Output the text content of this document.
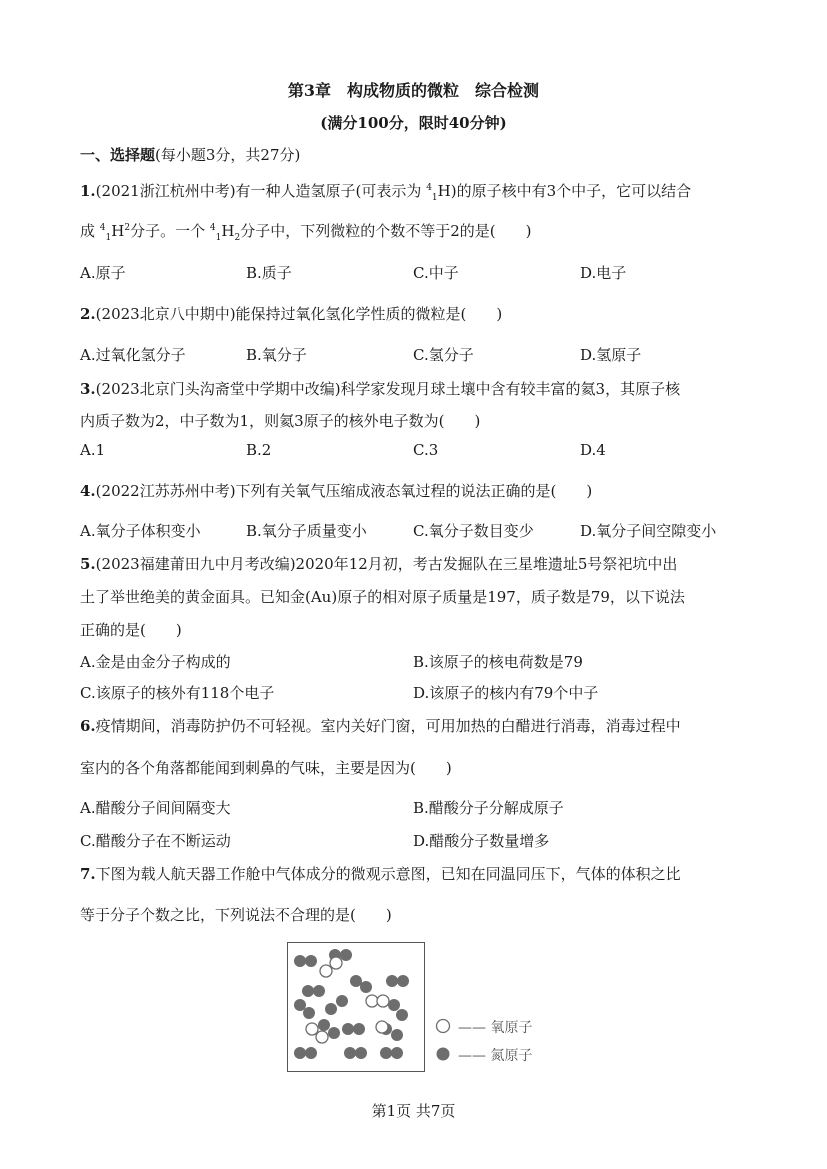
第3章　构成物质的微粒　综合检测
(满分100分，限时40分钟)
一、选择题(每小题3分，共27分)
1.(2021浙江杭州中考)有一种人造氢原子(可表示为 $^4_1$H)的原子核中有3个中子，它可以结合
成 $^4_1H^2$分子。一个 $^4_1H_2$分子中，下列微粒的个数不等于2的是(　　)
A.原子	B.质子	C.中子	D.电子
2.(2023北京八中期中)能保持过氧化氢化学性质的微粒是(　　)
A.过氧化氢分子	B.氧分子	C.氢分子	D.氢原子
3.(2023北京门头沟斋堂中学期中改编)科学家发现月球土壤中含有较丰富的氦3，其原子核
内质子数为2，中子数为1，则氦3原子的核外电子数为(　　)
A.1	B.2	C.3	D.4
4.(2022江苏苏州中考)下列有关氧气压缩成液态氧过程的说法正确的是(　　)
A.氧分子体积变小	B.氧分子质量变小	C.氧分子数目变少	D.氧分子间空隙变小
5.(2023福建莆田九中月考改编)2020年12月初，考古发掘队在三星堆遗址5号祭祀坑中出
土了举世绝美的黄金面具。已知金(Au)原子的相对原子质量是197，质子数是79，以下说法
正确的是(　　)
A.金是由金分子构成的	B.该原子的核电荷数是79
C.该原子的核外有118个电子	D.该原子的核内有79个中子
6.疫情期间，消毒防护仍不可轻视。室内关好门窗，可用加热的白醋进行消毒，消毒过程中
室内的各个角落都能闻到刺鼻的气味，主要是因为(　　)
A.醋酸分子间间隔变大	B.醋酸分子分解成原子
C.醋酸分子在不断运动	D.醋酸分子数量增多
7.下图为载人航天器工作舱中气体成分的微观示意图，已知在同温同压下，气体的体积之比
等于分子个数之比，下列说法不合理的是(　　)
—— 氧原子
—— 氮原子
第1页 共7页
